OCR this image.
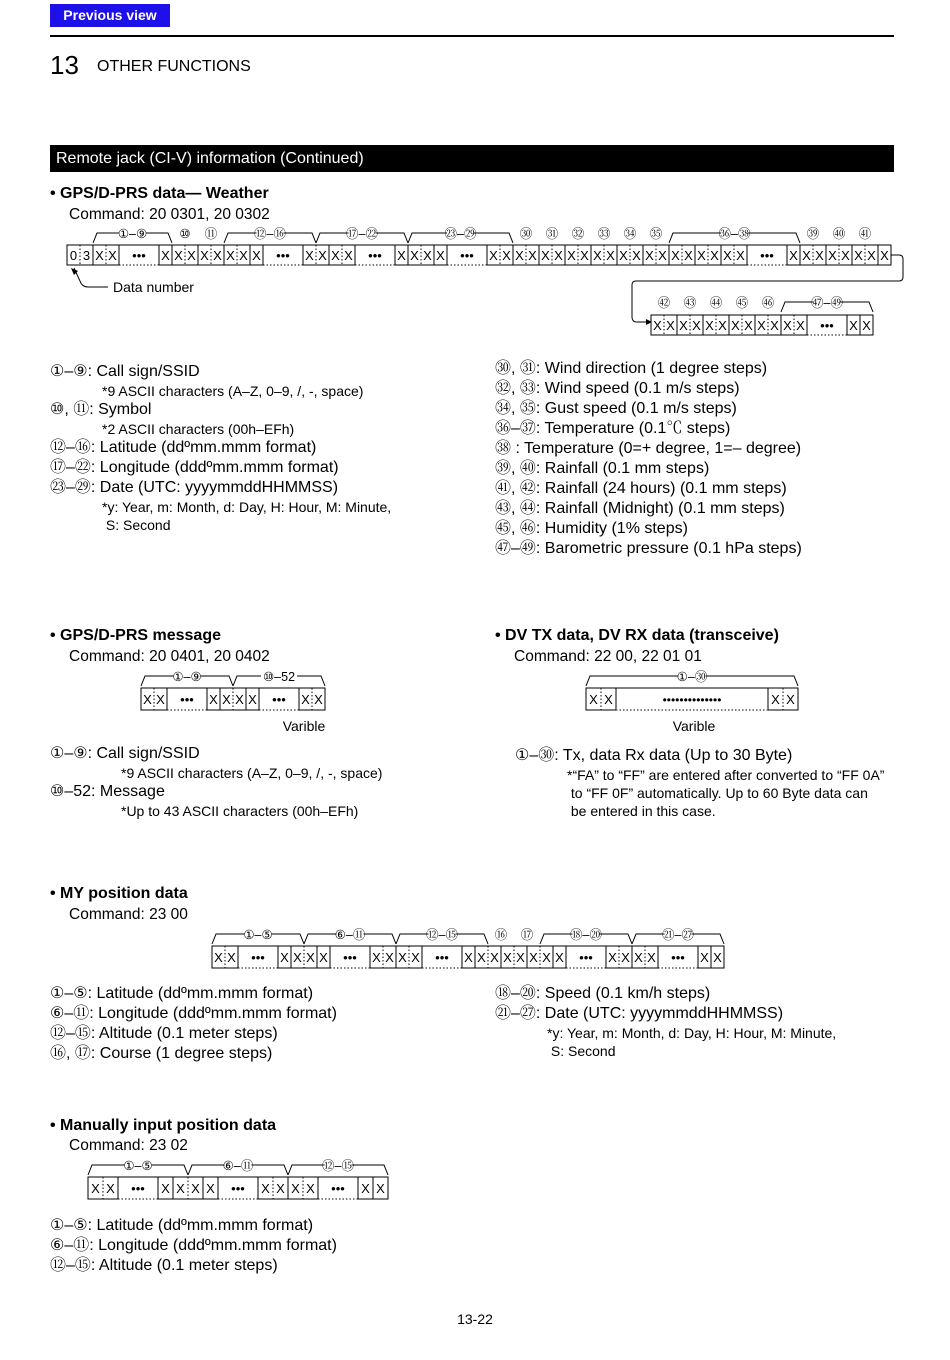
Previous view
13 OTHER FUNCTIONS
Remote jack (CI-V) information (Continued)
• GPS/D-PRS data— Weather
Command: 20 0301, 20 0302
0 3 X X ••• X X X X X X X X ••• X X X X ••• X X X X ••• X X X X X X X X X X X X X X X X X X X X ••• X X X X X X X X
①–⑨	⑩ ⑪	⑫–⑯	⑰–㉒	㉓–㉙	㉚ ㉛ ㉜ ㉝ ㉞ ㉟	㊱–㊳	㊴ ㊵ ㊶
Data number
X X X X X X X X X X X X ••• X X
㊷ ㊸ ㊹ ㊺ ㊻	㊼–㊾
①–⑨: Call sign/SSID
*9 ASCII characters (A–Z, 0–9, /, -, space)
⑩, ⑪: Symbol
*2 ASCII characters (00h–EFh)
⑫–⑯: Latitude (ddºmm.mmm format)
⑰–㉒: Longitude (dddºmm.mmm format)
㉓–㉙: Date (UTC: yyyymmddHHMMSS)
*y: Year, m: Month, d: Day, H: Hour, M: Minute,
S: Second
㉚, ㉛: Wind direction (1 degree steps)
㉜, ㉝: Wind speed (0.1 m/s steps)
㉞, ㉟: Gust speed (0.1 m/s steps)
㊱–㊲: Temperature (0.1℃ steps)
㊳ : Temperature (0=+ degree, 1=– degree)
㊴, ㊵: Rainfall (0.1 mm steps)
㊶, ㊷: Rainfall (24 hours) (0.1 mm steps)
㊸, ㊹: Rainfall (Midnight) (0.1 mm steps)
㊺, ㊻: Humidity (1% steps)
㊼–㊾: Barometric pressure (0.1 hPa steps)
• GPS/D-PRS message
Command: 20 0401, 20 0402
X X ••• X X X X ••• X X
①–⑨	⑩–52
Varible
①–⑨: Call sign/SSID
*9 ASCII characters (A–Z, 0–9, /, -, space)
⑩–52: Message
*Up to 43 ASCII characters (00h–EFh)
• DV TX data, DV RX data (transceive)
Command: 22 00, 22 01 01
X X	X X
••••••••••••••
①–㉚
Varible
①–㉚: Tx, data Rx data (Up to 30 Byte)
*“FA” to “FF” are entered after converted to “FF 0A”
to “FF 0F” automatically. Up to 60 Byte data can
be entered in this case.
• MY position data
Command: 23 00
X X ••• X X X X ••• X X X X ••• X X X X X X X X ••• X X X X ••• X X
①–⑤	⑥–⑪	⑫–⑮	⑯ ⑰	⑱–⑳	㉑–㉗
①–⑤: Latitude (ddºmm.mmm format)
⑥–⑪: Longitude (dddºmm.mmm format)
⑫–⑮: Altitude (0.1 meter steps)
⑯, ⑰: Course (1 degree steps)
⑱–⑳: Speed (0.1 km/h steps)
㉑–㉗: Date (UTC: yyyymmddHHMMSS)
*y: Year, m: Month, d: Day, H: Hour, M: Minute,
S: Second
• Manually input position data
Command: 23 02
X X ••• X X X X ••• X X X X ••• X X
①–⑤	⑥–⑪	⑫–⑮
①–⑤: Latitude (ddºmm.mmm format)
⑥–⑪: Longitude (dddºmm.mmm format)
⑫–⑮: Altitude (0.1 meter steps)
13-22
